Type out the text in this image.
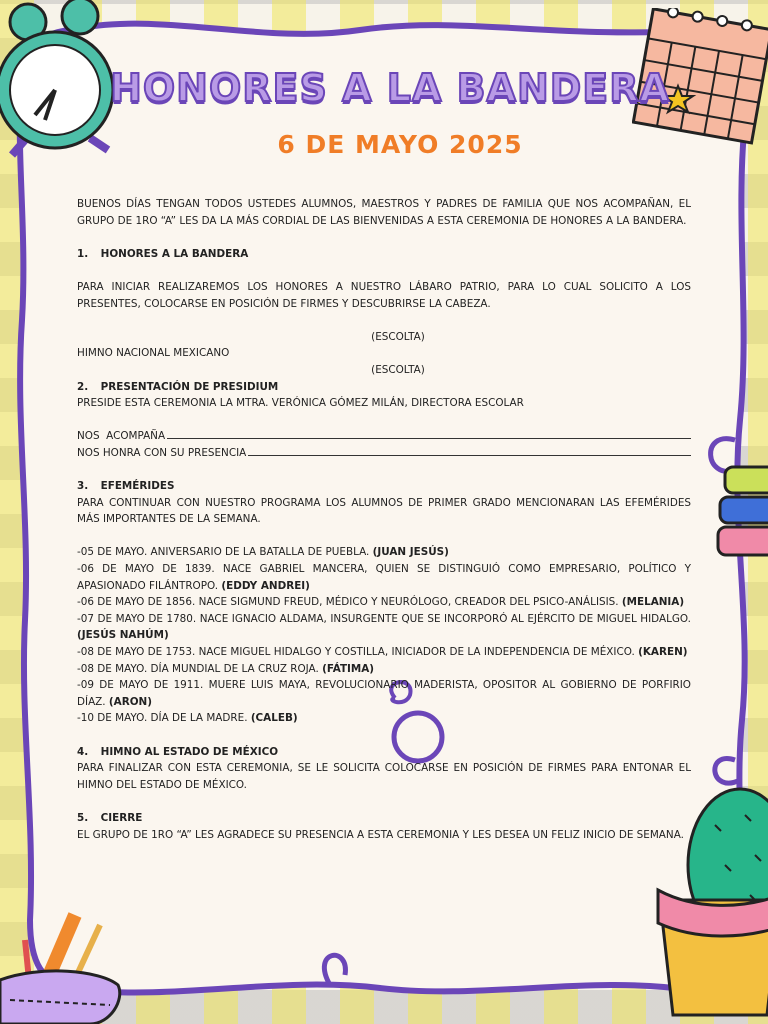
HONORES A LA BANDERA
6 DE MAYO 2025

BUENOS DÍAS TENGAN TODOS USTEDES ALUMNOS, MAESTROS Y PADRES DE FAMILIA QUE NOS ACOMPAÑAN, EL GRUPO DE 1RO “A” LES DA LA MÁS CORDIAL DE LAS BIENVENIDAS A ESTA CEREMONIA DE HONORES A LA BANDERA.

1. HONORES A LA BANDERA

PARA INICIAR REALIZAREMOS LOS HONORES A NUESTRO LÁBARO PATRIO, PARA LO CUAL SOLICITO A LOS PRESENTES, COLOCARSE EN POSICIÓN DE FIRMES Y DESCUBRIRSE LA CABEZA.

(ESCOLTA)

HIMNO NACIONAL MEXICANO

(ESCOLTA)

2. PRESENTACIÓN DE PRESIDIUM

PRESIDE ESTA CEREMONIA LA MTRA. VERÓNICA GÓMEZ MILÁN, DIRECTORA ESCOLAR

NOS  ACOMPAÑA
NOS HONRA CON SU PRESENCIA

3. EFEMÉRIDES

PARA CONTINUAR CON NUESTRO PROGRAMA LOS ALUMNOS DE PRIMER GRADO MENCIONARAN LAS EFEMÉRIDES MÁS IMPORTANTES DE LA SEMANA.

-05 DE MAYO. ANIVERSARIO DE LA BATALLA DE PUEBLA. (JUAN JESÚS)

-06 DE MAYO DE 1839. NACE GABRIEL MANCERA, QUIEN SE DISTINGUIÓ COMO EMPRESARIO, POLÍTICO Y APASIONADO FILÁNTROPO. (EDDY ANDREI)

-06 DE MAYO DE 1856. NACE SIGMUND FREUD, MÉDICO Y NEURÓLOGO, CREADOR DEL PSICO-ANÁLISIS. (MELANIA)

-07 DE MAYO DE 1780. NACE IGNACIO ALDAMA, INSURGENTE QUE SE INCORPORÓ AL EJÉRCITO DE MIGUEL HIDALGO. (JESÚS NAHÚM)

-08 DE MAYO DE 1753. NACE MIGUEL HIDALGO Y COSTILLA, INICIADOR DE LA INDEPENDENCIA DE MÉXICO. (KAREN)

-08 DE MAYO. DÍA MUNDIAL DE LA CRUZ ROJA. (FÁTIMA)

-09 DE MAYO DE 1911. MUERE LUIS MAYA, REVOLUCIONARIO MADERISTA, OPOSITOR AL GOBIERNO DE PORFIRIO DÍAZ. (ARON)

-10 DE MAYO. DÍA DE LA MADRE. (CALEB)

4. HIMNO AL ESTADO DE MÉXICO

PARA FINALIZAR CON ESTA CEREMONIA, SE LE SOLICITA COLOCARSE EN POSICIÓN DE FIRMES PARA ENTONAR EL HIMNO DEL ESTADO DE MÉXICO.

5. CIERRE

EL GRUPO DE 1RO “A” LES AGRADECE SU PRESENCIA A ESTA CEREMONIA Y LES DESEA UN FELIZ INICIO DE SEMANA.
